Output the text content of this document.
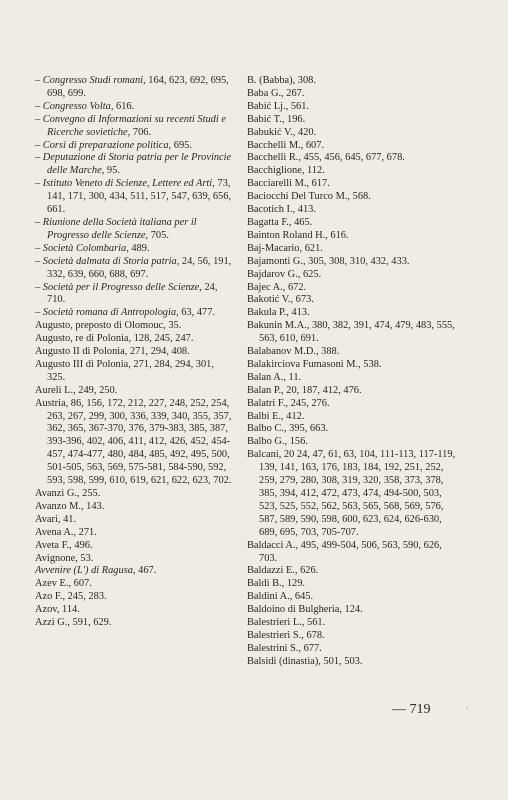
– Congresso Studi romani, 164, 623, 692, 695, 698, 699.
– Congresso Volta, 616.
– Convegno di Informazioni su recenti Studi e Ricerche sovietiche, 706.
– Corsi di preparazione politica, 695.
– Deputazione di Storia patria per le Provincie delle Marche, 95.
– Istituto Veneto di Scienze, Lettere ed Arti, 73, 141, 171, 300, 434, 511, 517, 547, 639, 656, 661.
– Riunione della Società italiana per il Progresso delle Scienze, 705.
– Società Colombaria, 489.
– Società dalmata di Storia patria, 24, 56, 191, 332, 639, 660, 688, 697.
– Società per il Progresso delle Scienze, 24, 710.
– Società romana di Antropologia, 63, 477.
Augusto, preposto di Olomouc, 35.
Augusto, re di Polonia, 128, 245, 247.
Augusto II di Polonia, 271, 294, 408.
Augusto III di Polonia, 271, 284, 294, 301, 325.
Aureli L., 249, 250.
Austria, 86, 156, 172, 212, 227, 248, 252, 254, 263, 267, 299, 300, 336, 339, 340, 355, 357, 362, 365, 367-370, 376, 379-383, 385, 387, 393-396, 402, 406, 411, 412, 426, 452, 454-457, 474-477, 480, 484, 485, 492, 495, 500, 501-505, 563, 569, 575-581, 584-590, 592, 593, 598, 599, 610, 619, 621, 622, 623, 702.
Avanzi G., 255.
Avanzo M., 143.
Avari, 41.
Avena A., 271.
Aveta F., 496.
Avignone, 53.
Avvenire (L') di Ragusa, 467.
Azev E., 607.
Azo F., 245, 283.
Azov, 114.
Azzi G., 591, 629.
B. (Babba), 308.
Baba G., 267.
Babić Lj., 561.
Babić T., 196.
Babukić V., 420.
Bacchelli M., 607.
Bacchelli R., 455, 456, 645, 677, 678.
Bacchiglione, 112.
Bacciarelli M., 617.
Baciocchi Del Turco M., 568.
Bacotich I., 413.
Bagatta F., 465.
Bainton Roland H., 616.
Baj-Macario, 621.
Bajamonti G., 305, 308, 310, 432, 433.
Bajdarov G., 625.
Bajec A., 672.
Bakotić V., 673.
Bakula P., 413.
Bakunin M.A., 380, 382, 391, 474, 479, 483, 555, 563, 610, 691.
Balabanov M.D., 388.
Balakirciova Fumasoni M., 538.
Balan A., 11.
Balan P., 20, 187, 412, 476.
Balatri F., 245, 276.
Balbi E., 412.
Balbo C., 395, 663.
Balbo G., 156.
Balcani, 20 24, 47, 61, 63, 104, 111-113, 117-119, 139, 141, 163, 176, 183, 184, 192, 251, 252, 259, 279, 280, 308, 319, 320, 358, 373, 378, 385, 394, 412, 472, 473, 474, 494-500, 503, 523, 525, 552, 562, 563, 565, 568, 569, 576, 587, 589, 590, 598, 600, 623, 624, 626-630, 689, 695, 703, 705-707.
Baldacci A., 495, 499-504, 506, 563, 590, 626, 703.
Baldazzi E., 626.
Baldi B., 129.
Baldini A., 645.
Baldoino di Bulgheria, 124.
Balestrieri L., 561.
Balestrieri S., 678.
Balestrini S., 677.
Balsidi (dinastia), 501, 503.
— 719	'
